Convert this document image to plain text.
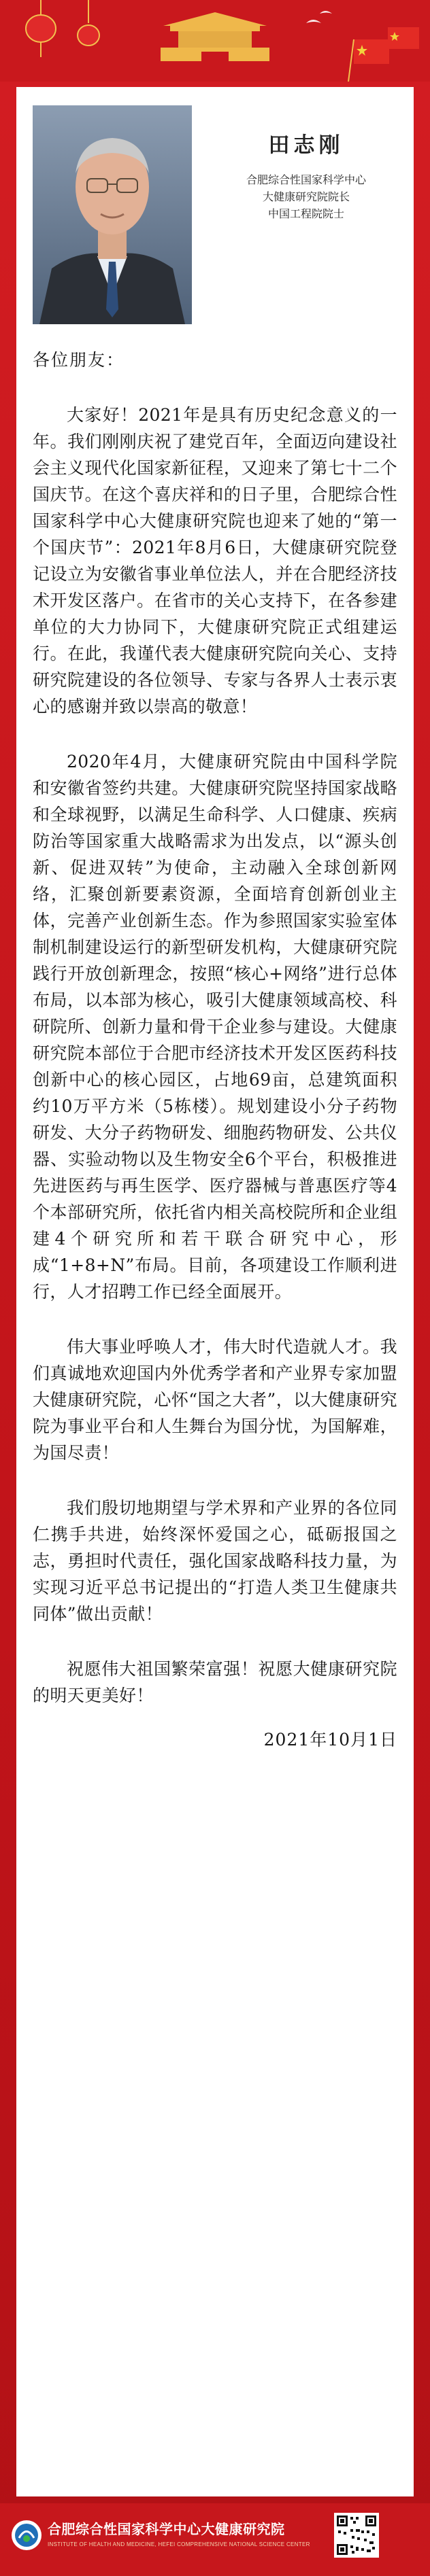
田志刚
合肥综合性国家科学中心
大健康研究院院长
中国工程院院士

各位朋友：

大家好！2021年是具有历史纪念意义的一年。我们刚刚庆祝了建党百年，全面迈向建设社会主义现代化国家新征程，又迎来了第七十二个国庆节。在这个喜庆祥和的日子里，合肥综合性国家科学中心大健康研究院也迎来了她的“第一个国庆节”：2021年8月6日，大健康研究院登记设立为安徽省事业单位法人，并在合肥经济技术开发区落户。在省市的关心支持下，在各参建单位的大力协同下，大健康研究院正式组建运行。在此，我谨代表大健康研究院向关心、支持研究院建设的各位领导、专家与各界人士表示衷心的感谢并致以崇高的敬意！

2020年4月，大健康研究院由中国科学院和安徽省签约共建。大健康研究院坚持国家战略和全球视野，以满足生命科学、人口健康、疾病防治等国家重大战略需求为出发点，以“源头创新、促进双转”为使命，主动融入全球创新网络，汇聚创新要素资源，全面培育创新创业主体，完善产业创新生态。作为参照国家实验室体制机制建设运行的新型研发机构，大健康研究院践行开放创新理念，按照“核心+网络”进行总体布局，以本部为核心，吸引大健康领域高校、科研院所、创新力量和骨干企业参与建设。大健康研究院本部位于合肥市经济技术开发区医药科技创新中心的核心园区，占地69亩，总建筑面积约10万平方米（5栋楼）。规划建设小分子药物研发、大分子药物研发、细胞药物研发、公共仪器、实验动物以及生物安全6个平台，积极推进先进医药与再生医学、医疗器械与普惠医疗等4个本部研究所，依托省内相关高校院所和企业组建4个研究所和若干联合研究中心，形成“1+8+N”布局。目前，各项建设工作顺利进行，人才招聘工作已经全面展开。

伟大事业呼唤人才，伟大时代造就人才。我们真诚地欢迎国内外优秀学者和产业界专家加盟大健康研究院，心怀“国之大者”，以大健康研究院为事业平台和人生舞台为国分忧，为国解难，为国尽责！

我们殷切地期望与学术界和产业界的各位同仁携手共进，始终深怀爱国之心，砥砺报国之志，勇担时代责任，强化国家战略科技力量，为实现习近平总书记提出的“打造人类卫生健康共同体”做出贡献！

祝愿伟大祖国繁荣富强！祝愿大健康研究院的明天更美好！

2021年10月1日
合肥综合性国家科学中心大健康研究院
INSTITUTE OF HEALTH AND MEDICINE, HEFEI COMPREHENSIVE NATIONAL SCIENCE CENTER
